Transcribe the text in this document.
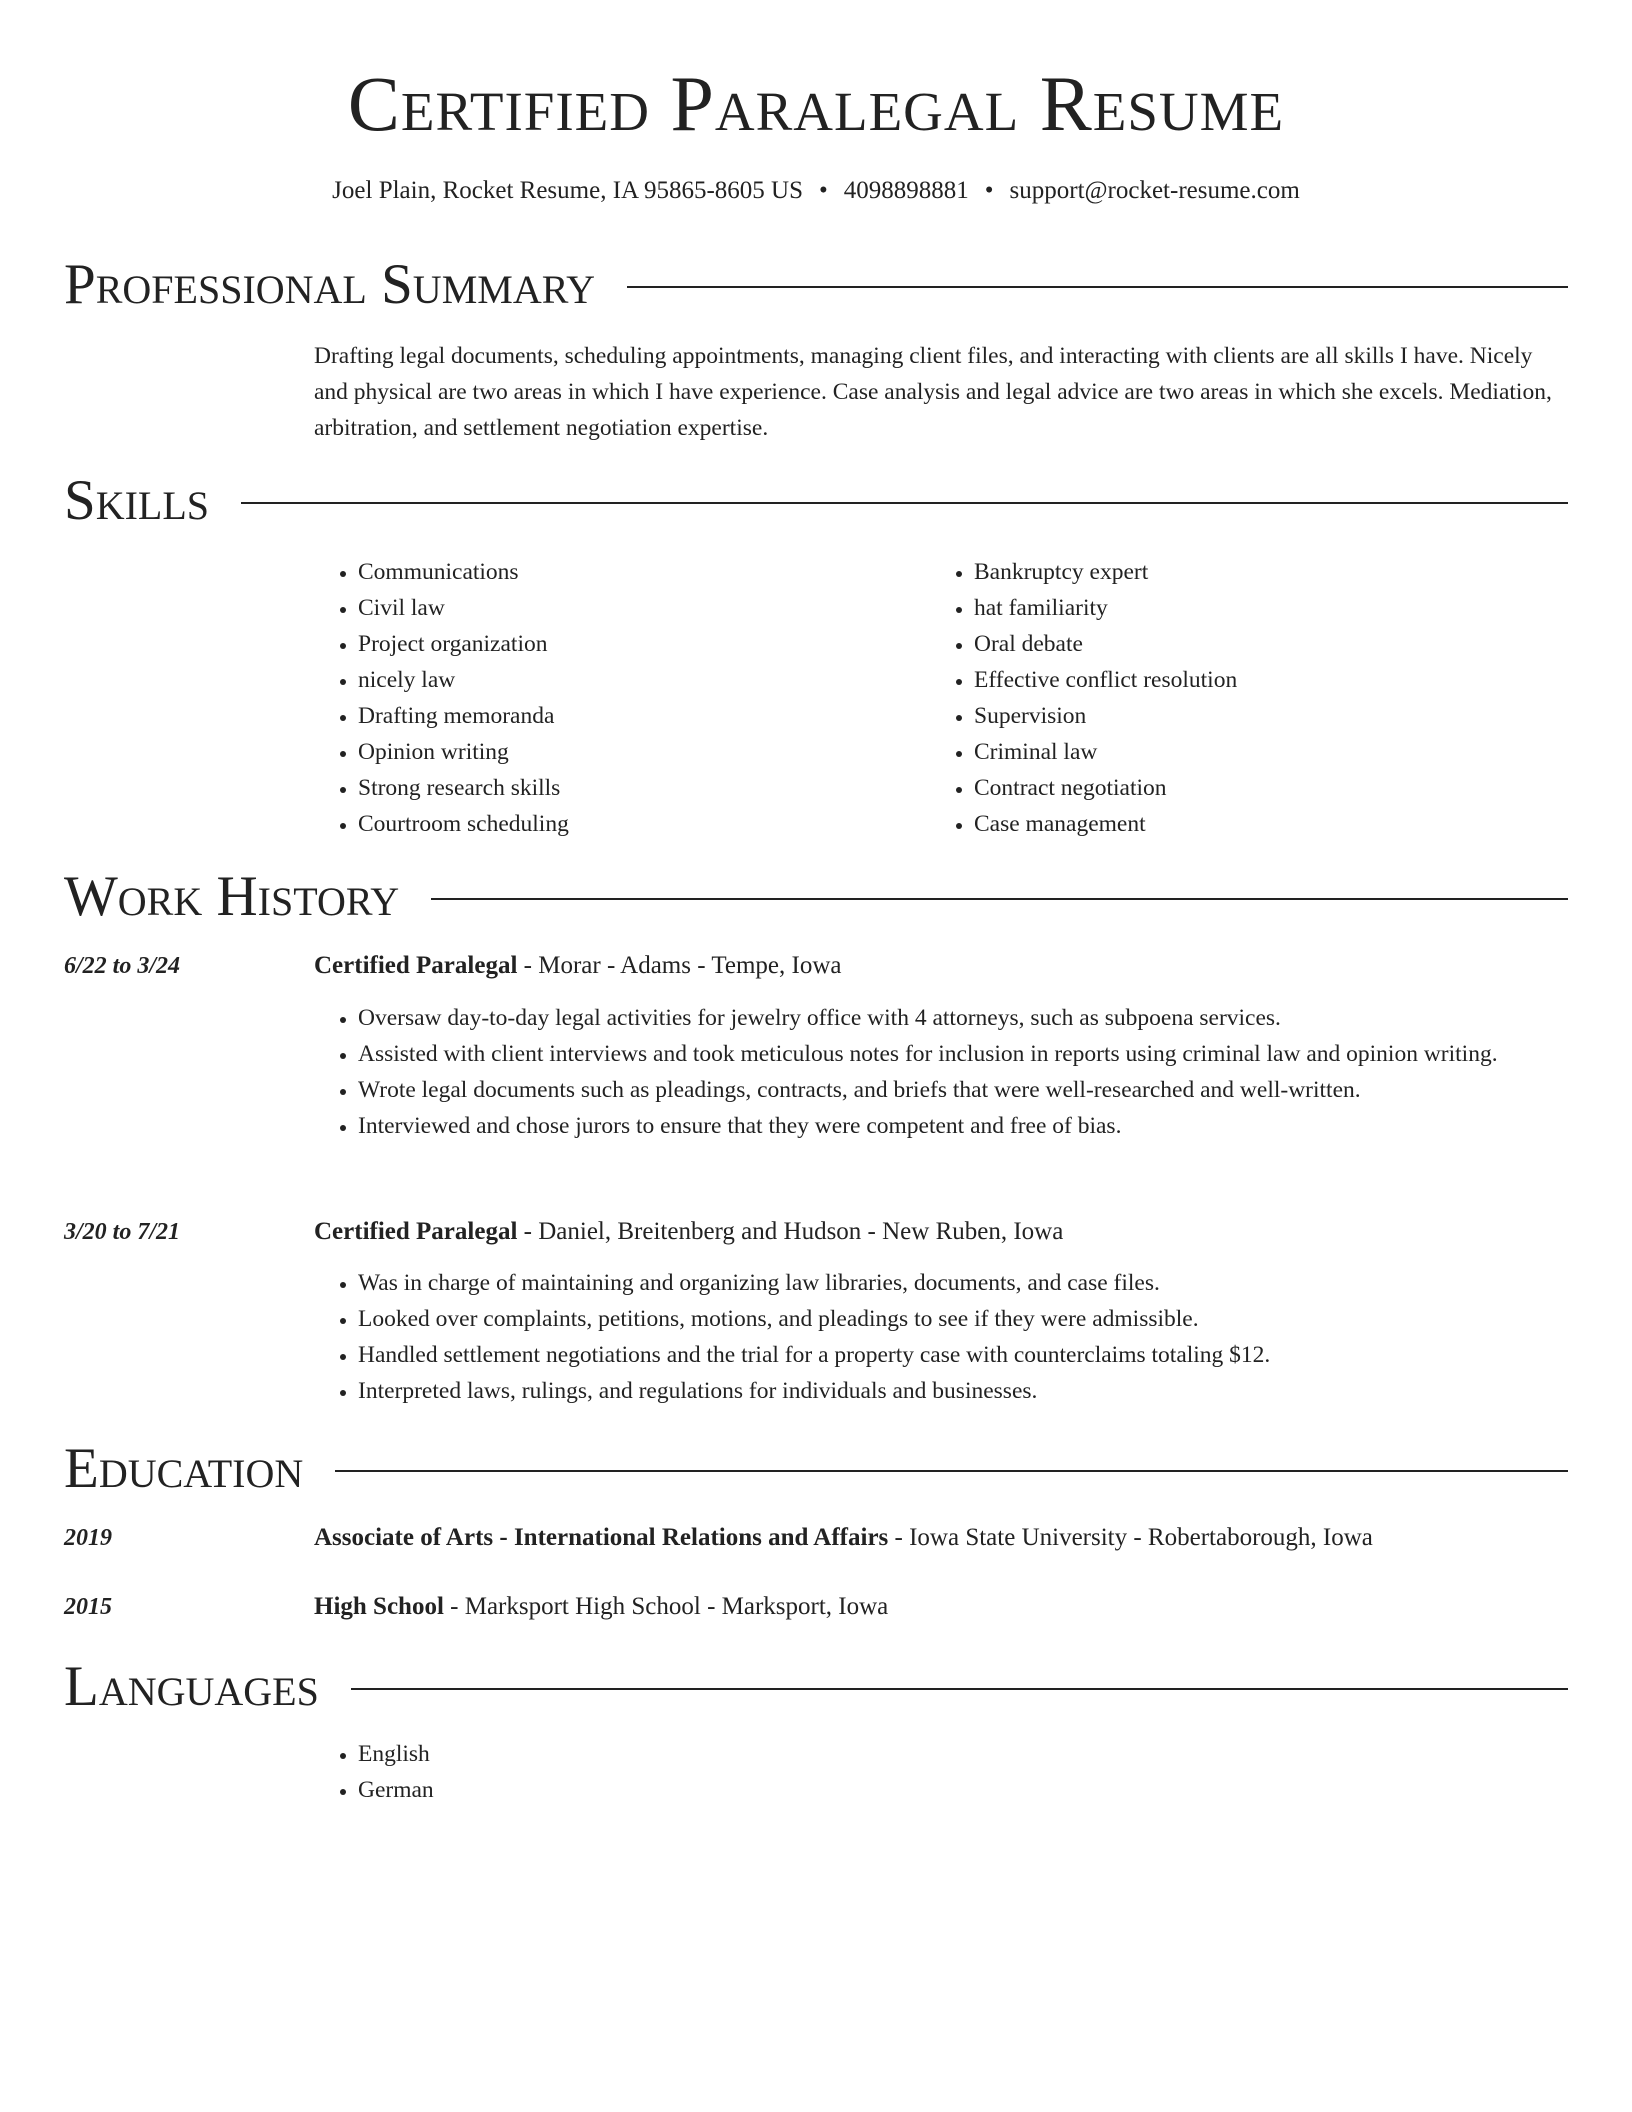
Certified Paralegal Resume
Joel Plain, Rocket Resume, IA 95865-8605 US • 4098898881 • support@rocket-resume.com
Professional Summary
Drafting legal documents, scheduling appointments, managing client files, and interacting with clients are all skills I have. Nicely and physical are two areas in which I have experience. Case analysis and legal advice are two areas in which she excels. Mediation, arbitration, and settlement negotiation expertise.
Skills
• Communications
• Civil law
• Project organization
• nicely law
• Drafting memoranda
• Opinion writing
• Strong research skills
• Courtroom scheduling
• Bankruptcy expert
• hat familiarity
• Oral debate
• Effective conflict resolution
• Supervision
• Criminal law
• Contract negotiation
• Case management
Work History
6/22 to 3/24	Certified Paralegal - Morar - Adams - Tempe, Iowa
• Oversaw day-to-day legal activities for jewelry office with 4 attorneys, such as subpoena services.
• Assisted with client interviews and took meticulous notes for inclusion in reports using criminal law and opinion writing.
• Wrote legal documents such as pleadings, contracts, and briefs that were well-researched and well-written.
• Interviewed and chose jurors to ensure that they were competent and free of bias.
3/20 to 7/21	Certified Paralegal - Daniel, Breitenberg and Hudson - New Ruben, Iowa
• Was in charge of maintaining and organizing law libraries, documents, and case files.
• Looked over complaints, petitions, motions, and pleadings to see if they were admissible.
• Handled settlement negotiations and the trial for a property case with counterclaims totaling $12.
• Interpreted laws, rulings, and regulations for individuals and businesses.
Education
2019	Associate of Arts - International Relations and Affairs - Iowa State University - Robertaborough, Iowa
2015	High School - Marksport High School - Marksport, Iowa
Languages
• English
• German
